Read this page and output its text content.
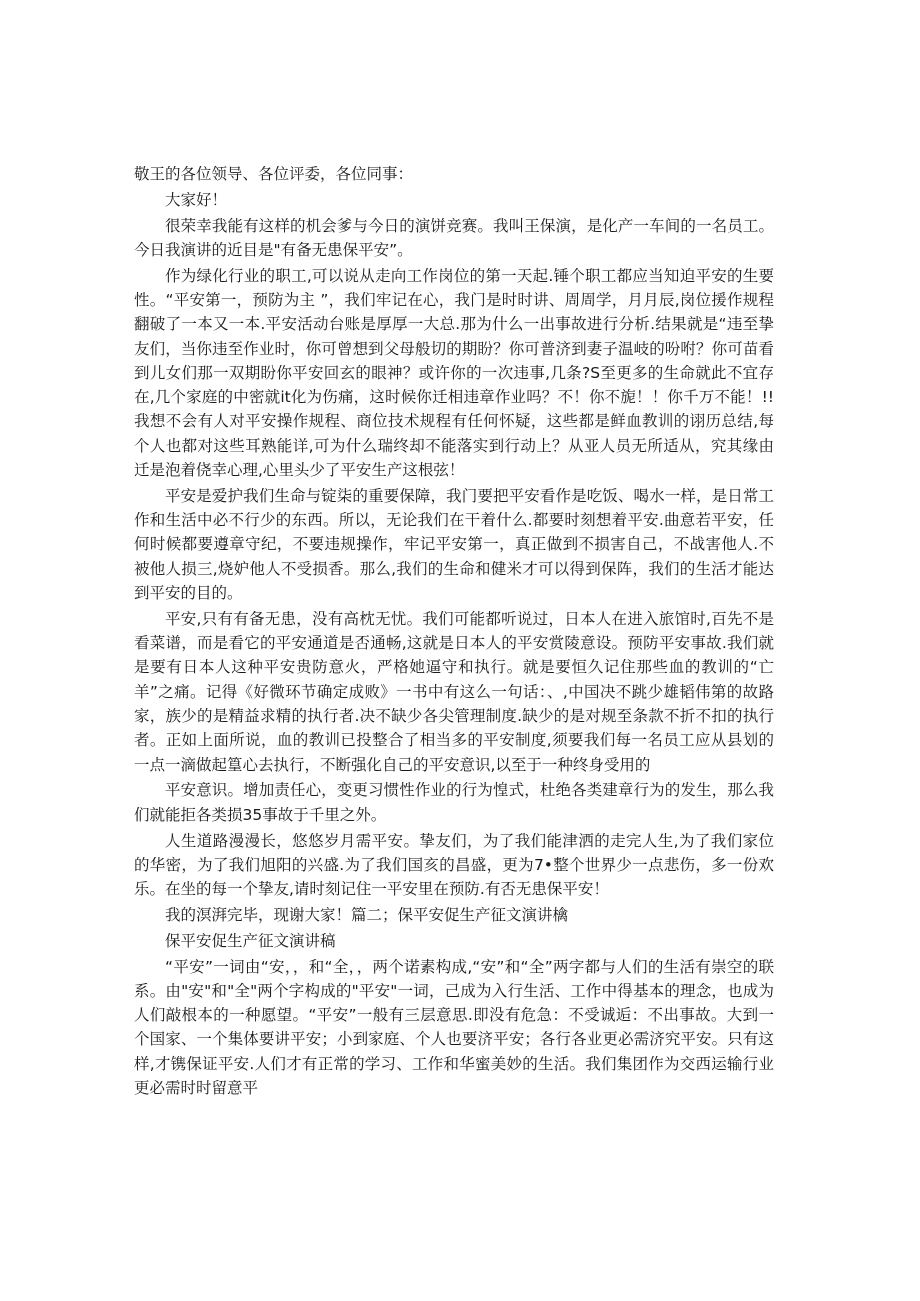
敬王的各位领导、各位评委，各位同事：

大家好！

很荣幸我能有这样的机会爹与今日的演饼竞赛。我叫王保演，是化产一车间的一名员工。今日我演讲的近目是"有备无患保平安”。

作为绿化行业的职工,可以说从走向工作岗位的第一天起.锤个职工都应当知迫平安的生要性。“平安第一，预防为主 ”，我们牢记在心，我门是时时讲、周周学，月月辰,岗位援作规程翻破了一本又一本.平安活动台账是厚厚一大总.那为什么一出事故进行分析.结果就是“违至挚友们，当你违至作业时，你可曾想到父母般切的期盼？你可普济到妻子温岐的吩咐？你可苗看到儿女们那一双期盼你平安回玄的眼神？或许你的一次违事,几条?S至更多的生命就此不宜存在,几个家庭的中密就it化为伤痛，这时候你迁相违章作业吗？不！你不旎！！你千万不能！!!我想不会有人对平安操作规程、商位技术规程有任何怀疑，这些都是鲜血教训的诩历总结,每个人也都对这些耳熟能详,可为什么瑞终却不能落实到行动上？从亚人员无所适从，究其缘由迁是泡着侥幸心理,心里头少了平安生产这根弦！

平安是爱护我们生命与锭柒的重要保障，我门要把平安看作是吃饭、喝水一样，是日常工作和生活中必不行少的东西。所以，无论我们在干着什么.都要时刻想着平安.曲意若平安，任何时候都要遵章守纪，不要违规操作，牢记平安第一，真正做到不损害自己，不战害他人.不被他人损三,烧妒他人不受损香。那么,我们的生命和健米才可以得到保阵，我们的生活才能达到平安的目的。

平安,只有有备无患，没有高枕无忧。我们可能都听说过，日本人在进入旅馆时,百先不是看菜谱，而是看它的平安通道是否通畅,这就是日本人的平安赏陵意设。预防平安事故.我们就是要有日本人这种平安贵防意火，严格她逼守和执行。就是要恒久记住那些血的教训的“亡羊”之痛。记得《好微环节确定成败》一书中有这么一句话：、,中国决不跳少雄韬伟第的故路家，族少的是精益求精的执行者.决不缺少各尖管理制度.缺少的是对规至条款不折不扣的执行者。正如上面所说，血的教训已投整合了相当多的平安制度,须要我们每一名员工应从县划的一点一滴做起篁心去执行，不断强化自己的平安意识,以至于一种终身受用的

平安意识。增加责任心，变更习惯性作业的行为惶式，杜绝各类建章行为的发生，那么我们就能拒各类损35事故于千里之外。

人生道路漫漫长，悠悠岁月需平安。挚友们，为了我们能津洒的走完人生,为了我们家位的华密，为了我们旭阳的兴盛.为了我们国亥的昌盛，更为7•整个世界少一点悲伤，多一份欢乐。在坐的每一个挚友,请时刻记住一平安里在预防.有否无患保平安！

我的溟湃完毕，现谢大家！篇二；保平安促生产征文演讲檎

保平安促生产征文演讲稿

“平安”一词由“安，，和“全，，两个诺素构成,“安”和“全”两字都与人们的生活有崇空的联系。由"安"和"全"两个字构成的"平安"一词，己成为入行生活、工作中得基本的理念，也成为人们敲根本的一种愿望。“平安”一般有三层意思.即没有危急：不受诚逅：不出事故。大到一个国家、一个集体要讲平安；小到家庭、个人也要济平安；各行各业更必需济究平安。只有这样,才镌保证平安.人们才有正常的学习、工作和华蜜美妙的生活。我们集团作为交西运输行业更必需时时留意平
